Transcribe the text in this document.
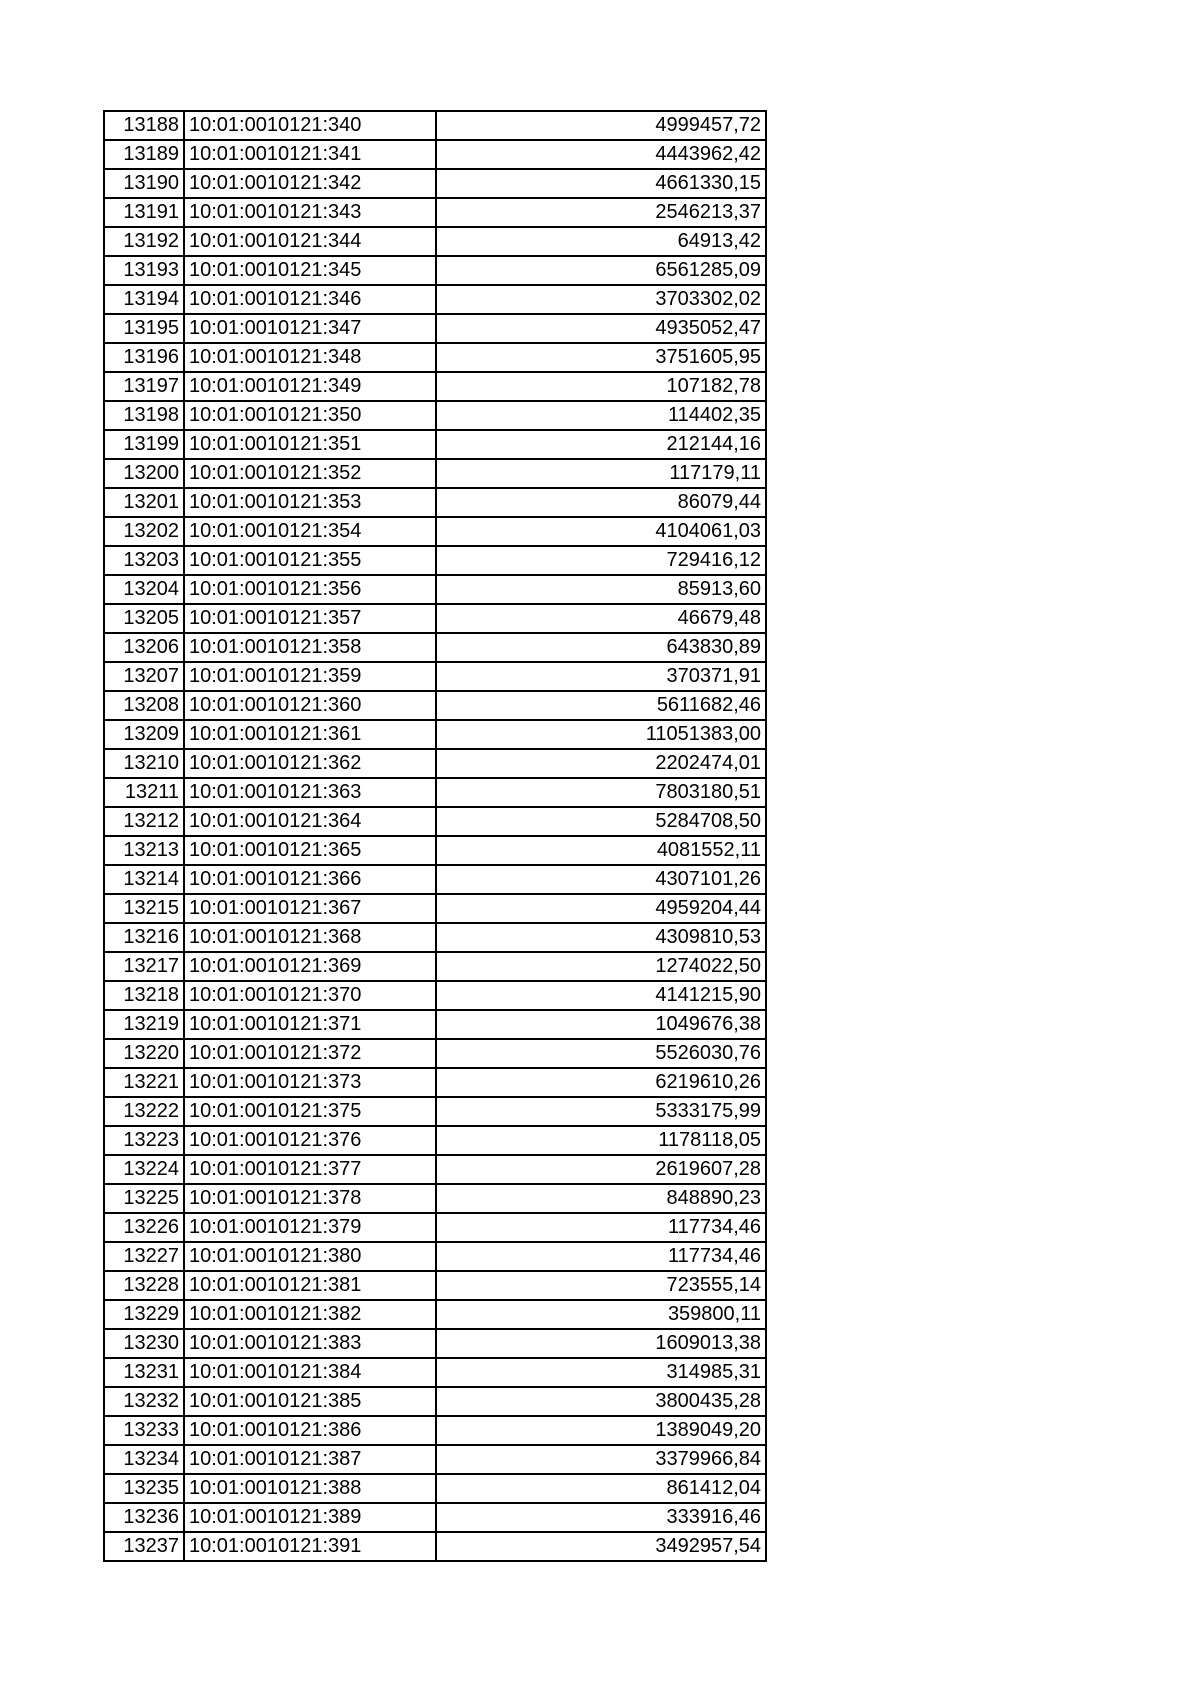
13188	10:01:0010121:340	4999457,72
13189	10:01:0010121:341	4443962,42
13190	10:01:0010121:342	4661330,15
13191	10:01:0010121:343	2546213,37
13192	10:01:0010121:344	64913,42
13193	10:01:0010121:345	6561285,09
13194	10:01:0010121:346	3703302,02
13195	10:01:0010121:347	4935052,47
13196	10:01:0010121:348	3751605,95
13197	10:01:0010121:349	107182,78
13198	10:01:0010121:350	114402,35
13199	10:01:0010121:351	212144,16
13200	10:01:0010121:352	117179,11
13201	10:01:0010121:353	86079,44
13202	10:01:0010121:354	4104061,03
13203	10:01:0010121:355	729416,12
13204	10:01:0010121:356	85913,60
13205	10:01:0010121:357	46679,48
13206	10:01:0010121:358	643830,89
13207	10:01:0010121:359	370371,91
13208	10:01:0010121:360	5611682,46
13209	10:01:0010121:361	11051383,00
13210	10:01:0010121:362	2202474,01
13211	10:01:0010121:363	7803180,51
13212	10:01:0010121:364	5284708,50
13213	10:01:0010121:365	4081552,11
13214	10:01:0010121:366	4307101,26
13215	10:01:0010121:367	4959204,44
13216	10:01:0010121:368	4309810,53
13217	10:01:0010121:369	1274022,50
13218	10:01:0010121:370	4141215,90
13219	10:01:0010121:371	1049676,38
13220	10:01:0010121:372	5526030,76
13221	10:01:0010121:373	6219610,26
13222	10:01:0010121:375	5333175,99
13223	10:01:0010121:376	1178118,05
13224	10:01:0010121:377	2619607,28
13225	10:01:0010121:378	848890,23
13226	10:01:0010121:379	117734,46
13227	10:01:0010121:380	117734,46
13228	10:01:0010121:381	723555,14
13229	10:01:0010121:382	359800,11
13230	10:01:0010121:383	1609013,38
13231	10:01:0010121:384	314985,31
13232	10:01:0010121:385	3800435,28
13233	10:01:0010121:386	1389049,20
13234	10:01:0010121:387	3379966,84
13235	10:01:0010121:388	861412,04
13236	10:01:0010121:389	333916,46
13237	10:01:0010121:391	3492957,54
